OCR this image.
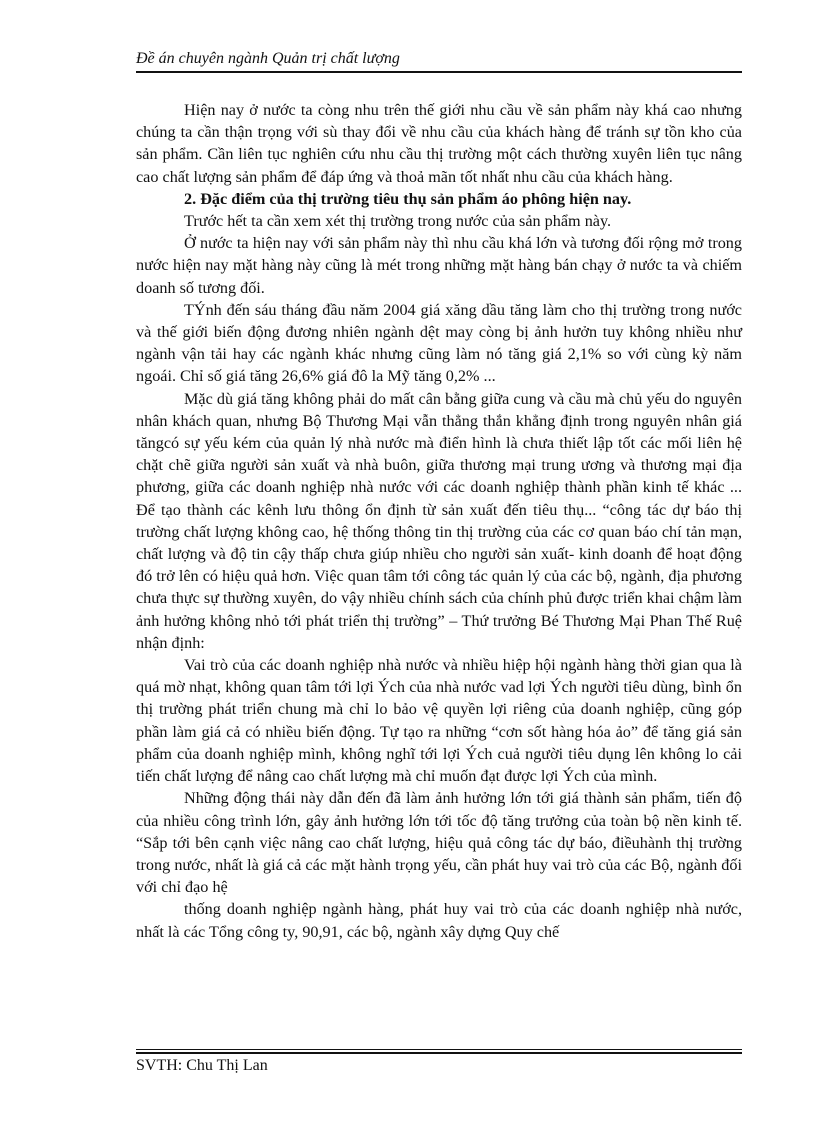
Đề án chuyên ngành Quản trị chất lượng

Hiện nay ở nước ta còng nhu trên thế giới nhu cầu về sản phẩm này khá cao nhưng chúng ta cần thận trọng với sù thay đổi về nhu cầu của khách hàng để tránh sự tồn kho của sản phẩm. Cần liên tục nghiên cứu nhu cầu thị trường một cách thường xuyên liên tục nâng cao chất lượng sản phẩm để đáp ứng và thoả mãn tốt nhất nhu cầu của khách hàng.

2. Đặc điểm của thị trường tiêu thụ sản phẩm áo phông hiện nay.

Trước hết ta cần xem xét thị trường trong nước của sản phẩm này.

Ở nước ta hiện nay với sản phẩm này thì nhu cầu khá lớn và tương đối rộng mở trong nước hiện nay mặt hàng này cũng là mét trong những mặt hàng bán chạy ở nước ta và chiếm doanh số tương đối.

TÝnh đến sáu tháng đầu năm 2004 giá xăng dầu tăng làm cho thị trường trong nước và thế giới biến động đương nhiên ngành dệt may còng bị ảnh hưởn tuy không nhiều như ngành vận tải hay các ngành khác nhưng cũng làm nó tăng giá 2,1% so với cùng kỳ năm ngoái. Chỉ số giá tăng 26,6% giá đô la Mỹ tăng 0,2% ...

Mặc dù giá tăng không phải do mất cân bằng giữa cung và cầu mà chủ yếu do nguyên nhân khách quan, nhưng Bộ Thương Mại vẫn thẳng thắn khẳng định trong nguyên nhân giá tăngcó sự yếu kém của quản lý nhà nước mà điển hình là chưa thiết lập tốt các mối liên hệ chặt chẽ giữa người sản xuất và nhà buôn, giữa thương mại trung ương và thương mại địa phương, giữa các doanh nghiệp nhà nước với các doanh nghiệp thành phần kinh tế khác ... Để tạo thành các kênh lưu thông ổn định từ sản xuất đến tiêu thụ... “công tác dự báo thị trường chất lượng không cao, hệ thống thông tin thị trường của các cơ quan báo chí tản mạn, chất lượng và độ tin cậy thấp chưa giúp nhiều cho người sản xuất- kinh doanh để hoạt động đó trở lên có hiệu quả hơn. Việc quan tâm tới công tác quản lý của các bộ, ngành, địa phương chưa thực sự thường xuyên, do vậy nhiều chính sách của chính phủ được triển khai chậm làm ảnh hưởng không nhỏ tới phát triển thị trường” – Thứ trưởng Bé Thương Mại Phan Thế Ruệ nhận định:

Vai trò của các doanh nghiệp nhà nước và nhiều hiệp hội ngành hàng thời gian qua là quá mờ nhạt, không quan tâm tới lợi Ých của nhà nước vad lợi Ých người tiêu dùng, bình ổn thị trường phát triển chung mà chỉ lo bảo vệ quyền lợi riêng của doanh nghiệp, cũng góp phần làm giá cả có nhiều biến động. Tự tạo ra những “cơn sốt hàng hóa ảo” để tăng giá sản phẩm của doanh nghiệp mình, không nghĩ tới lợi Ých cuả người tiêu dụng lên không lo cải tiến chất lượng để nâng cao chất lượng mà chỉ muốn đạt được lợi Ých của mình.

Những động thái này dẫn đến đã làm ảnh hưởng lớn tới giá thành sản phẩm, tiến độ của nhiều công trình lớn, gây ảnh hưởng lớn tới tốc độ tăng trưởng của toàn bộ nền kinh tế. “Sắp tới bên cạnh việc nâng cao chất lượng, hiệu quả công tác dự báo, điềuhành thị trường trong nước, nhất là giá cả các mặt hành trọng yếu, cần phát huy vai trò của các Bộ, ngành đối với chỉ đạo hệ

thống doanh nghiệp ngành hàng, phát huy vai trò của các doanh nghiệp nhà nước, nhất là các Tổng công ty, 90,91, các bộ, ngành xây dựng Quy chế

SVTH: Chu Thị Lan
